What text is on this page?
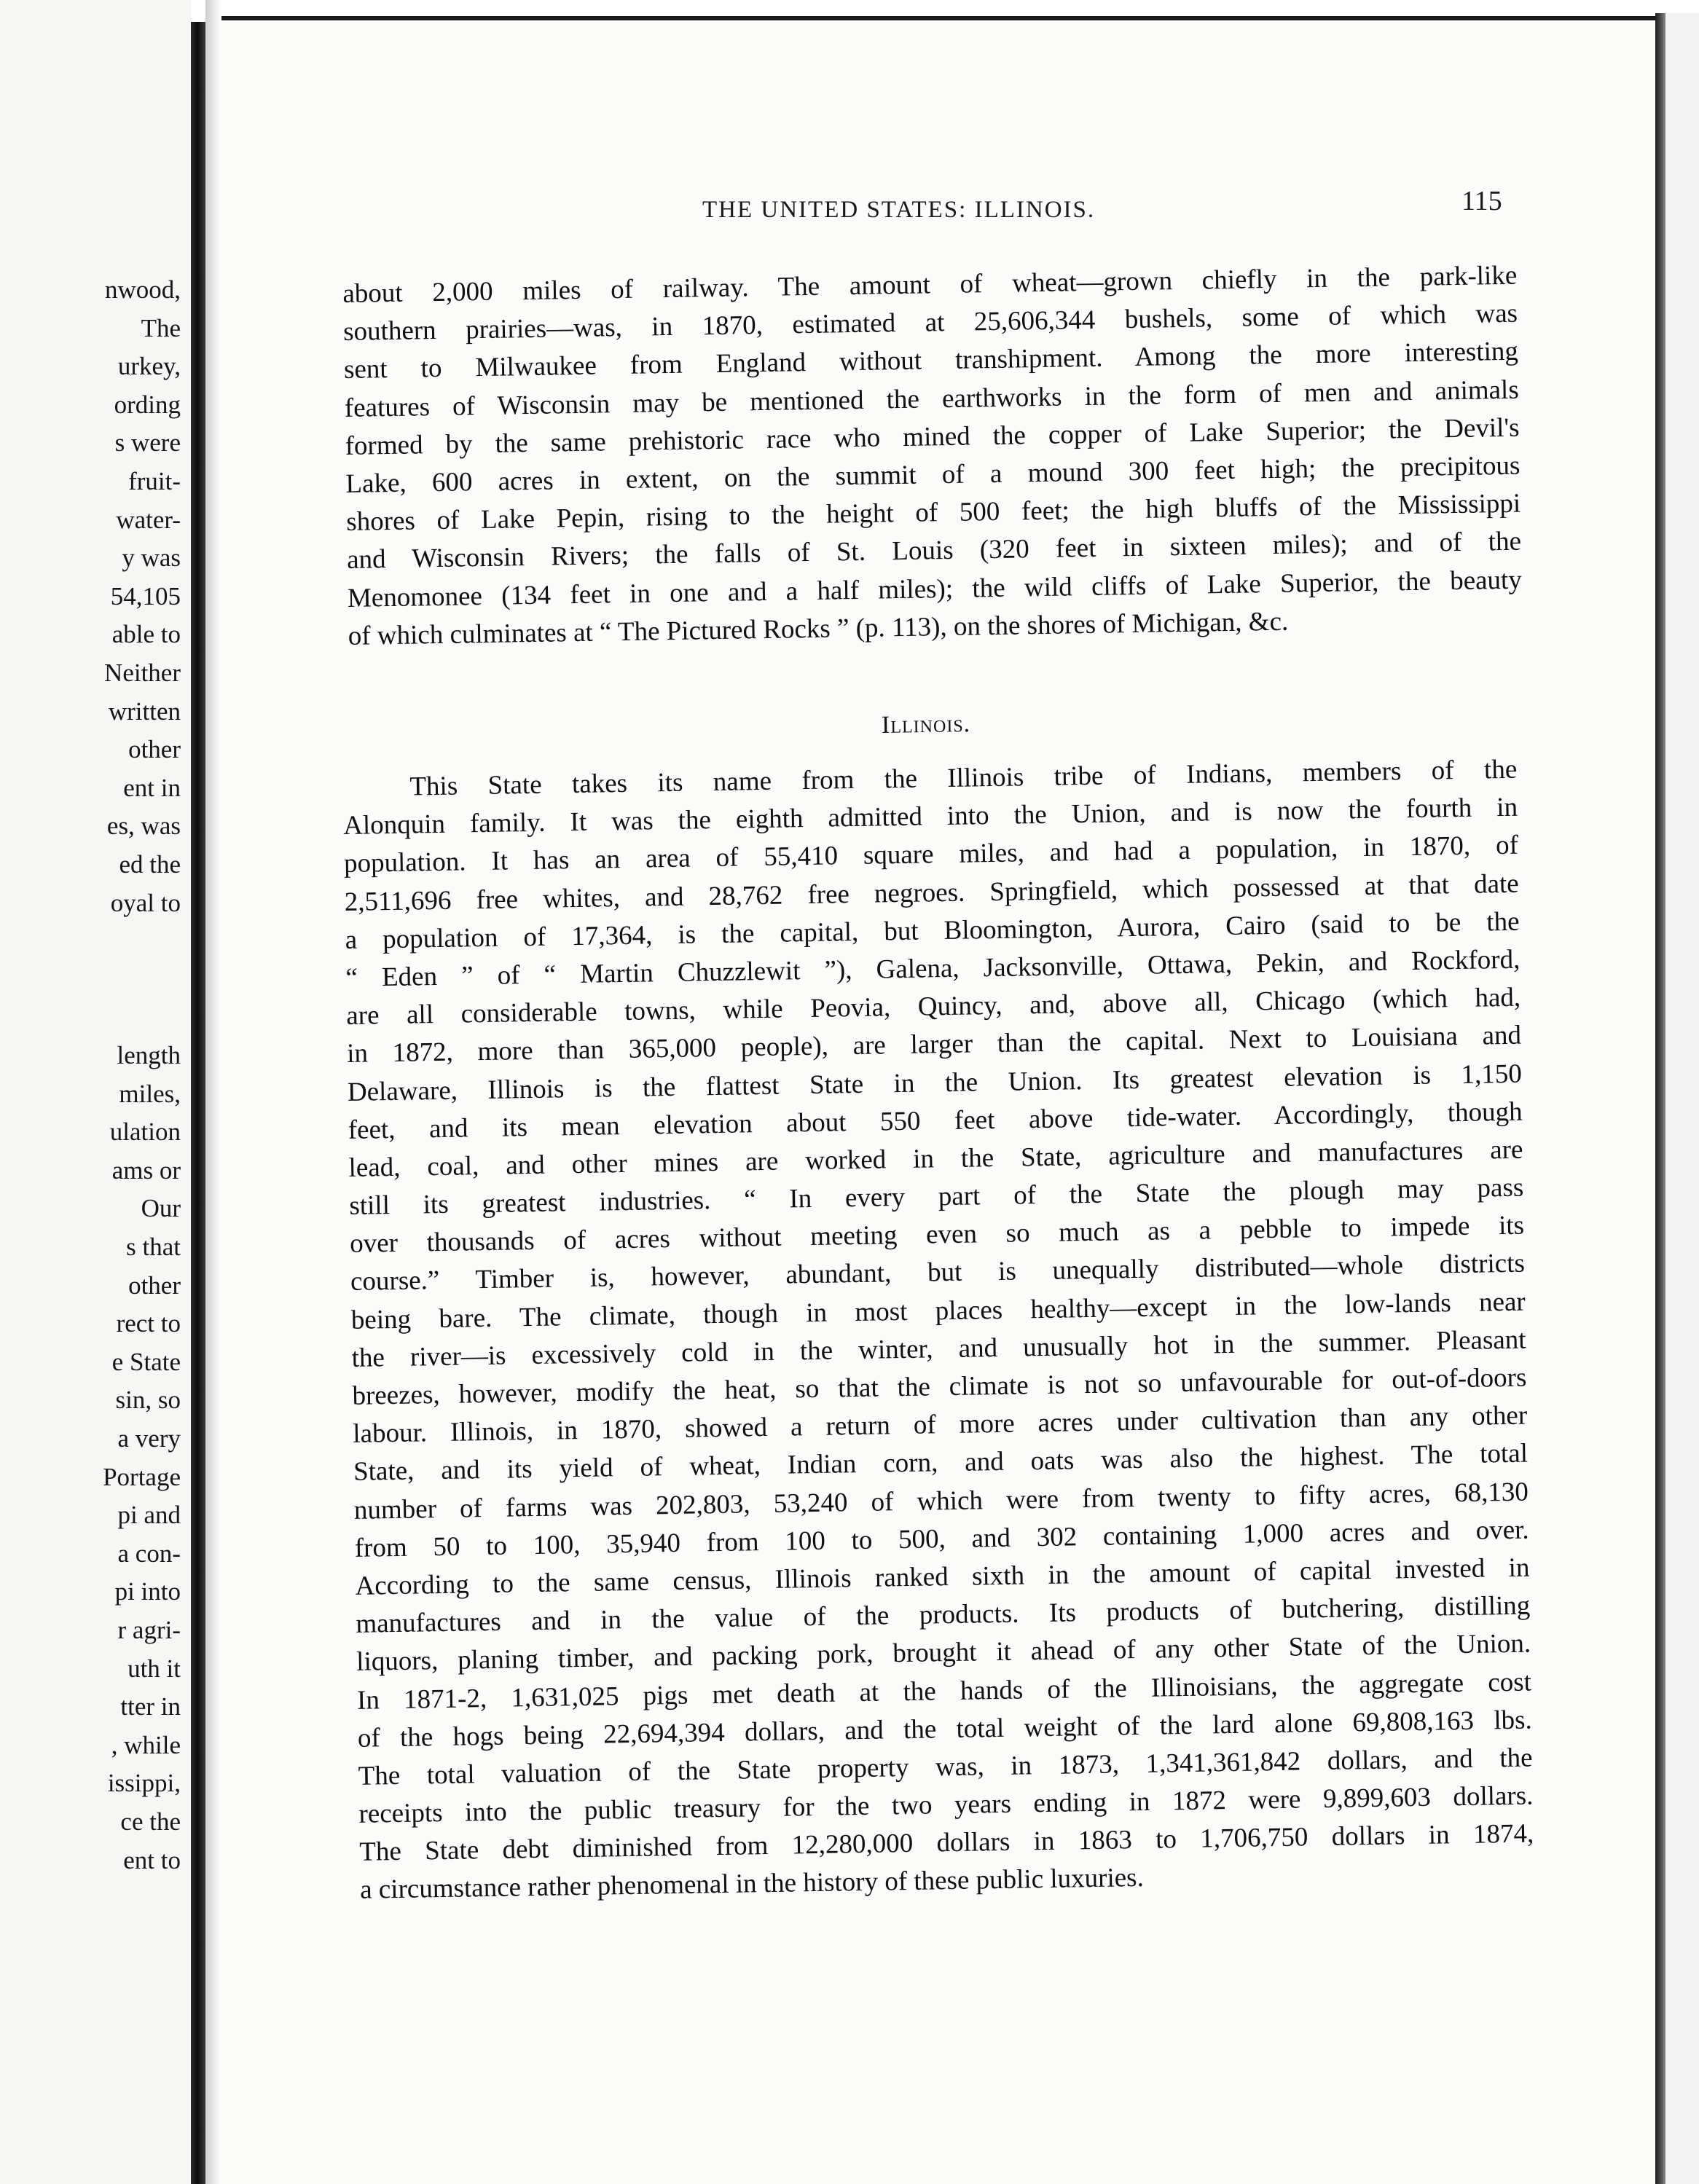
nwood,
The
urkey,
ording
s were
fruit-
water-
y was
54,105
able to
Neither
written
other
ent in
es, was
ed the
oyal to
length
miles,
ulation
ams or
Our
s that
other
rect to
e State
sin, so
a very
Portage
pi and
a con-
pi into
r agri-
uth it
tter in
, while
issippi,
ce the
ent to
THE UNITED STATES: ILLINOIS.	115
about 2,000 miles of railway. The amount of wheat—grown chiefly in the park-like
southern prairies—was, in 1870, estimated at 25,606,344 bushels, some of which was
sent to Milwaukee from England without transhipment. Among the more interesting
features of Wisconsin may be mentioned the earthworks in the form of men and animals
formed by the same prehistoric race who mined the copper of Lake Superior; the Devil's
Lake, 600 acres in extent, on the summit of a mound 300 feet high; the precipitous
shores of Lake Pepin, rising to the height of 500 feet; the high bluffs of the Mississippi
and Wisconsin Rivers; the falls of St. Louis (320 feet in sixteen miles); and of the
Menomonee (134 feet in one and a half miles); the wild cliffs of Lake Superior, the beauty
of which culminates at “ The Pictured Rocks ” (p. 113), on the shores of Michigan, &c.
Illinois.
This State takes its name from the Illinois tribe of Indians, members of the
Alonquin family. It was the eighth admitted into the Union, and is now the fourth in
population. It has an area of 55,410 square miles, and had a population, in 1870, of
2,511,696 free whites, and 28,762 free negroes. Springfield, which possessed at that date
a population of 17,364, is the capital, but Bloomington, Aurora, Cairo (said to be the
“ Eden ” of “ Martin Chuzzlewit ”), Galena, Jacksonville, Ottawa, Pekin, and Rockford,
are all considerable towns, while Peovia, Quincy, and, above all, Chicago (which had,
in 1872, more than 365,000 people), are larger than the capital. Next to Louisiana and
Delaware, Illinois is the flattest State in the Union. Its greatest elevation is 1,150
feet, and its mean elevation about 550 feet above tide-water. Accordingly, though
lead, coal, and other mines are worked in the State, agriculture and manufactures are
still its greatest industries. “ In every part of the State the plough may pass
over thousands of acres without meeting even so much as a pebble to impede its
course.” Timber is, however, abundant, but is unequally distributed—whole districts
being bare. The climate, though in most places healthy—except in the low-lands near
the river—is excessively cold in the winter, and unusually hot in the summer. Pleasant
breezes, however, modify the heat, so that the climate is not so unfavourable for out-of-doors
labour. Illinois, in 1870, showed a return of more acres under cultivation than any other
State, and its yield of wheat, Indian corn, and oats was also the highest. The total
number of farms was 202,803, 53,240 of which were from twenty to fifty acres, 68,130
from 50 to 100, 35,940 from 100 to 500, and 302 containing 1,000 acres and over.
According to the same census, Illinois ranked sixth in the amount of capital invested in
manufactures and in the value of the products. Its products of butchering, distilling
liquors, planing timber, and packing pork, brought it ahead of any other State of the Union.
In 1871-2, 1,631,025 pigs met death at the hands of the Illinoisians, the aggregate cost
of the hogs being 22,694,394 dollars, and the total weight of the lard alone 69,808,163 lbs.
The total valuation of the State property was, in 1873, 1,341,361,842 dollars, and the
receipts into the public treasury for the two years ending in 1872 were 9,899,603 dollars.
The State debt diminished from 12,280,000 dollars in 1863 to 1,706,750 dollars in 1874,
a circumstance rather phenomenal in the history of these public luxuries.
